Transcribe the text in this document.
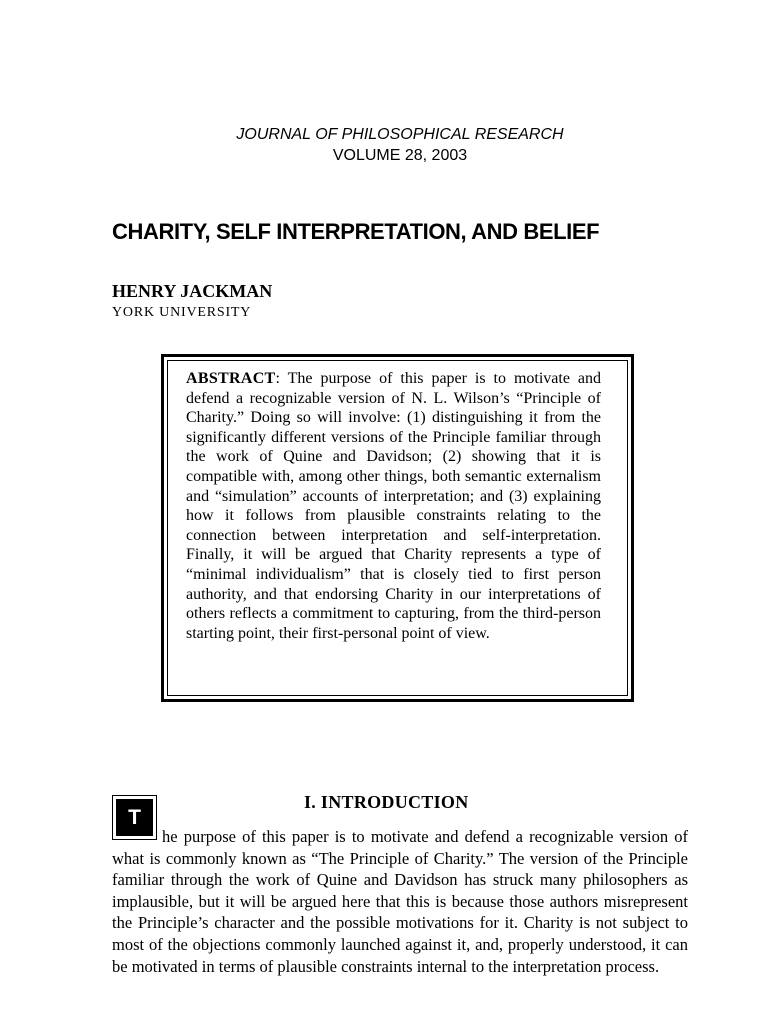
JOURNAL OF PHILOSOPHICAL RESEARCH
VOLUME 28, 2003
CHARITY, SELF INTERPRETATION, AND BELIEF
HENRY JACKMAN
YORK UNIVERSITY
ABSTRACT: The purpose of this paper is to motivate and defend a recognizable version of N. L. Wilson’s “Principle of Charity.” Doing so will involve: (1) distinguishing it from the significantly different versions of the Principle familiar through the work of Quine and Davidson; (2) showing that it is compatible with, among other things, both semantic externalism and “simulation” accounts of interpretation; and (3) explaining how it follows from plausible constraints relating to the connection between interpretation and self-interpretation. Finally, it will be argued that Charity represents a type of “minimal individualism” that is closely tied to first person authority, and that endorsing Charity in our interpretations of others reflects a commitment to capturing, from the third-person starting point, their first-personal point of view.
I. INTRODUCTION
T

he purpose of this paper is to motivate and defend a recognizable version of what is commonly known as “The Principle of Charity.” The version of the Principle familiar through the work of Quine and Davidson has struck many philosophers as implausible, but it will be argued here that this is because those authors misrepresent the Principle’s character and the possible motivations for it. Charity is not subject to most of the objections commonly launched against it, and, properly understood, it can be motivated in terms of plausible constraints internal to the interpretation process.
